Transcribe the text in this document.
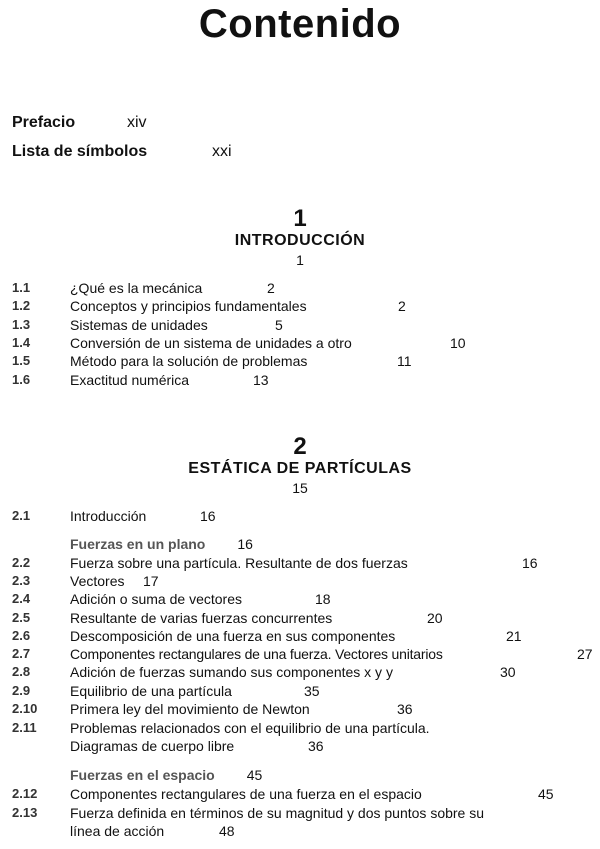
Contenido
Prefacio	xiv
Lista de símbolos	xxi
1
INTRODUCCIÓN
1
1.1	¿Qué es la mecánica	2
1.2	Conceptos y principios fundamentales	2
1.3	Sistemas de unidades	5
1.4	Conversión de un sistema de unidades a otro	10
1.5	Método para la solución de problemas	11
1.6	Exactitud numérica	13
2
ESTÁTICA DE PARTÍCULAS
15
2.1	Introducción	16
Fuerzas en un plano 16
2.2	Fuerza sobre una partícula. Resultante de dos fuerzas	16
2.3	Vectores 17
2.4	Adición o suma de vectores	18
2.5	Resultante de varias fuerzas concurrentes	20
2.6	Descomposición de una fuerza en sus componentes	21
2.7	Componentes rectangulares de una fuerza. Vectores unitarios	27
2.8	Adición de fuerzas sumando sus componentes x y y	30
2.9	Equilibrio de una partícula	35
2.10 Primera ley del movimiento de Newton	36
2.11 Problemas relacionados con el equilibrio de una partícula.
Diagramas de cuerpo libre	36
Fuerzas en el espacio 45
2.12 Componentes rectangulares de una fuerza en el espacio	45
2.13 Fuerza definida en términos de su magnitud y dos puntos sobre su
línea de acción	48
